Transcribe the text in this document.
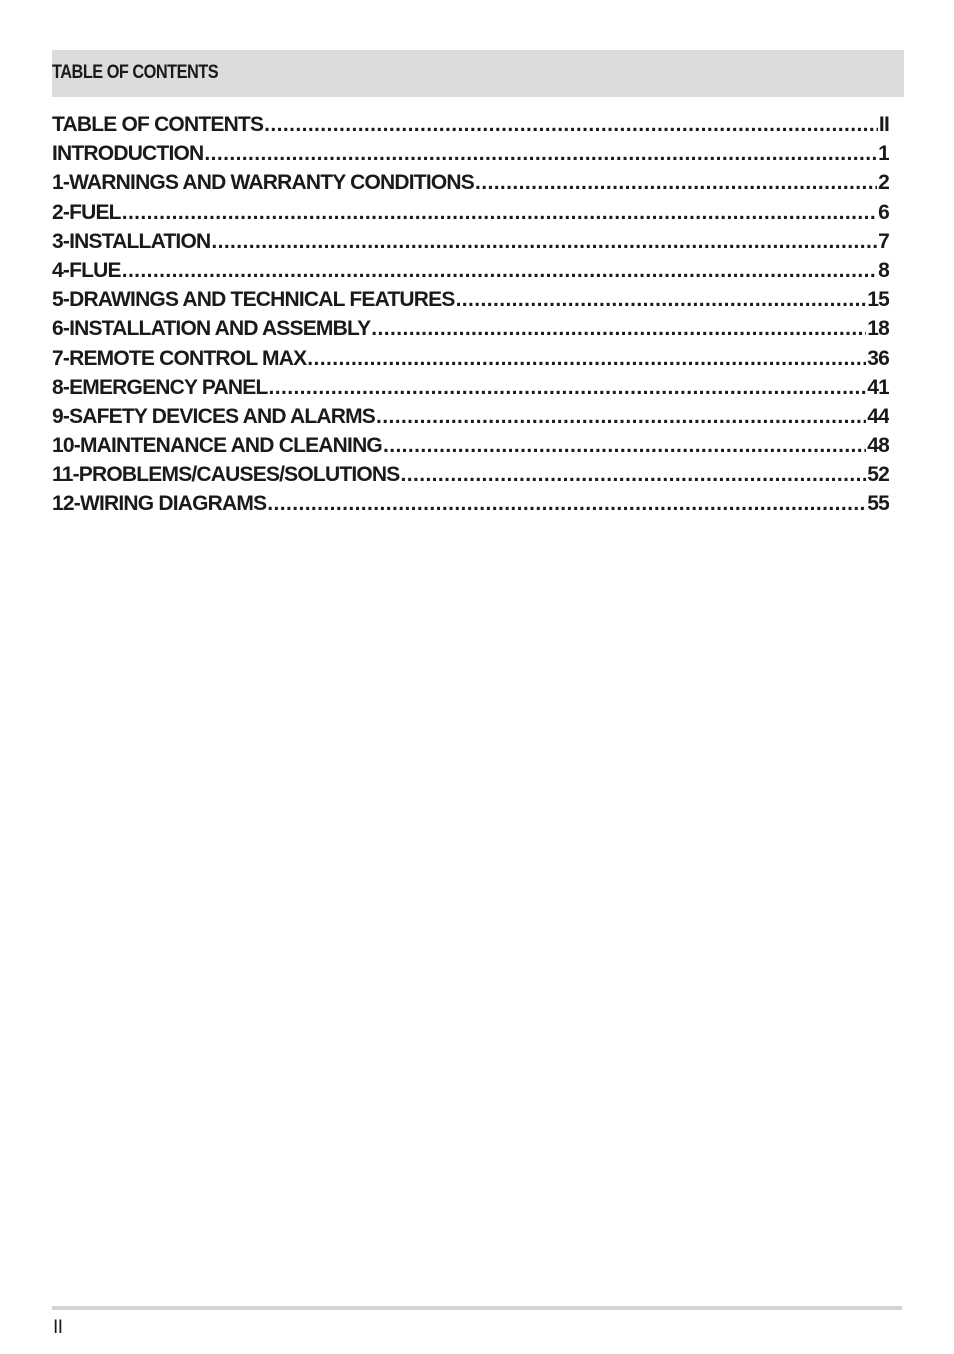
TABLE OF CONTENTS
TABLE OF CONTENTS .....	II
INTRODUCTION .....	1
1-WARNINGS AND WARRANTY CONDITIONS .....	2
2-FUEL .....	6
3-INSTALLATION .....	7
4-FLUE .....	8
5-DRAWINGS AND TECHNICAL FEATURES .....	15
6-INSTALLATION AND ASSEMBLY .....	18
7-REMOTE CONTROL MAX .....	36
8-EMERGENCY PANEL .....	41
9-SAFETY DEVICES AND ALARMS .....	44
10-MAINTENANCE AND CLEANING .....	48
11-PROBLEMS/CAUSES/SOLUTIONS .....	52
12-WIRING DIAGRAMS .....	55
II
